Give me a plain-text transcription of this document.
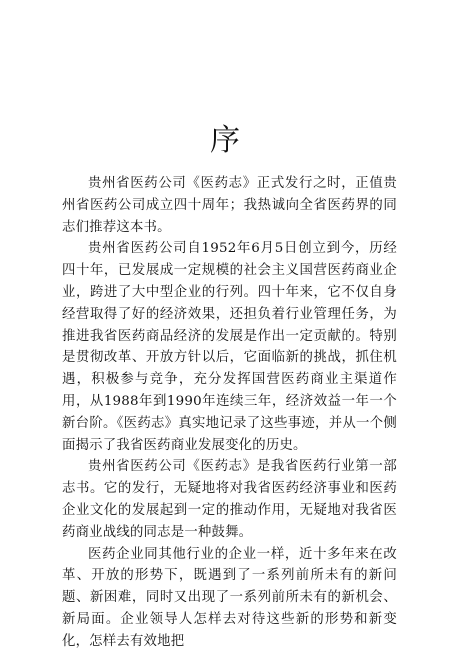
序

贵州省医药公司《医药志》正式发行之时，正值贵州省医药公司成立四十周年；我热诚向全省医药界的同志们推荐这本书。

贵州省医药公司自1952年6月5日创立到今，历经四十年，已发展成一定规模的社会主义国营医药商业企业，跨进了大中型企业的行列。四十年来，它不仅自身经营取得了好的经济效果，还担负着行业管理任务，为推进我省医药商品经济的发展是作出一定贡献的。特别是贯彻改革、开放方针以后，它面临新的挑战，抓住机遇，积极参与竞争，充分发挥国营医药商业主渠道作用，从1988年到1990年连续三年，经济效益一年一个新台阶。《医药志》真实地记录了这些事迹，并从一个侧面揭示了我省医药商业发展变化的历史。

贵州省医药公司《医药志》是我省医药行业第一部志书。它的发行，无疑地将对我省医药经济事业和医药企业文化的发展起到一定的推动作用，无疑地对我省医药商业战线的同志是一种鼓舞。

医药企业同其他行业的企业一样，近十多年来在改革、开放的形势下，既遇到了一系列前所未有的新问题、新困难，同时又出现了一系列前所未有的新机会、新局面。企业领导人怎样去对待这些新的形势和新变化，怎样去有效地把
